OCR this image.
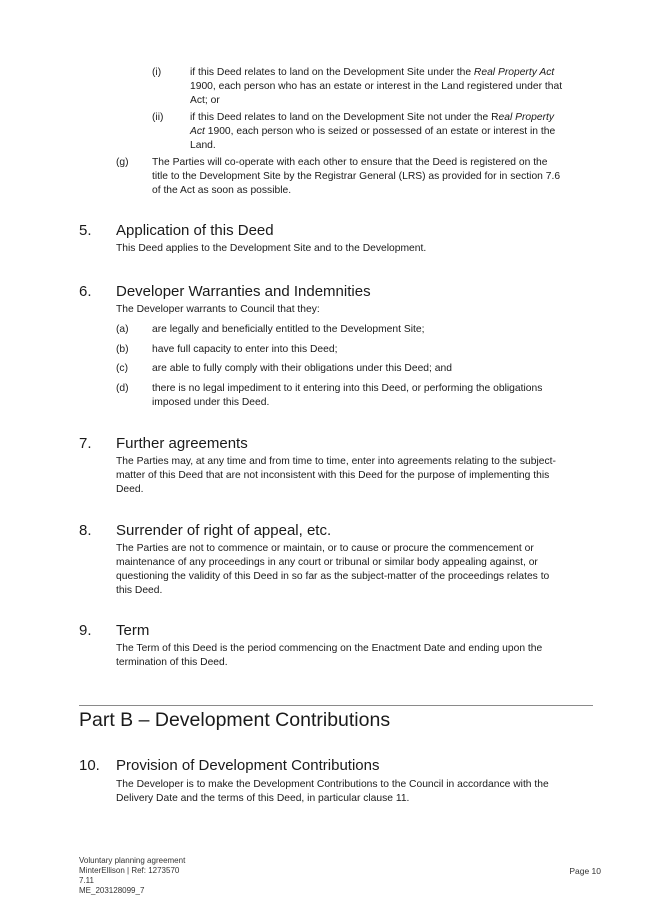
(i)	if this Deed relates to land on the Development Site under the Real Property Act
1900, each person who has an estate or interest in the Land registered under that
Act; or
(ii)	if this Deed relates to land on the Development Site not under the Real Property
Act 1900, each person who is seized or possessed of an estate or interest in the
Land.
(g) The Parties will co-operate with each other to ensure that the Deed is registered on the
title to the Development Site by the Registrar General (LRS) as provided for in section 7.6
of the Act as soon as possible.
5. Application of this Deed
This Deed applies to the Development Site and to the Development.
6. Developer Warranties and Indemnities
The Developer warrants to Council that they:
(a) are legally and beneficially entitled to the Development Site;
(b) have full capacity to enter into this Deed;
(c) are able to fully comply with their obligations under this Deed; and
(d) there is no legal impediment to it entering into this Deed, or performing the obligations
imposed under this Deed.
7. Further agreements
The Parties may, at any time and from time to time, enter into agreements relating to the subject-
matter of this Deed that are not inconsistent with this Deed for the purpose of implementing this
Deed.
8. Surrender of right of appeal, etc.
The Parties are not to commence or maintain, or to cause or procure the commencement or
maintenance of any proceedings in any court or tribunal or similar body appealing against, or
questioning the validity of this Deed in so far as the subject-matter of the proceedings relates to
this Deed.
9. Term
The Term of this Deed is the period commencing on the Enactment Date and ending upon the
termination of this Deed.
Part B – Development Contributions
10. Provision of Development Contributions
The Developer is to make the Development Contributions to the Council in accordance with the
Delivery Date and the terms of this Deed, in particular clause 11.
Voluntary planning agreement
MinterEllison | Ref: 1273570
7.11
ME_203128099_7
Page 10
